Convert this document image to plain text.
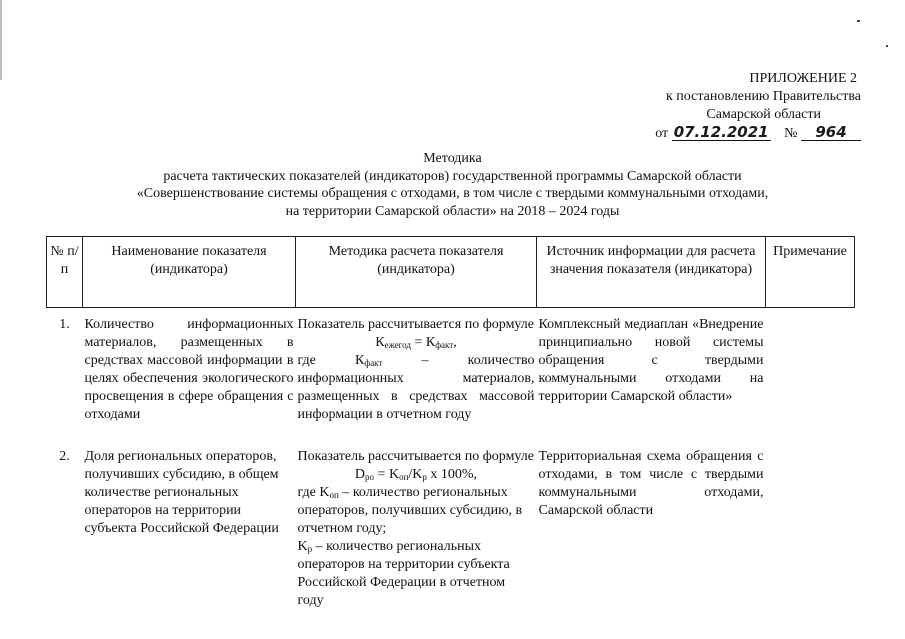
ПРИЛОЖЕНИЕ 2
к постановлению Правительства
Самарской области
от 07.12.2021 № 964
Методика
расчета тактических показателей (индикаторов) государственной программы Самарской области
«Совершенствование системы обращения с отходами, в том числе с твердыми коммунальными отходами,
на территории Самарской области» на 2018 – 2024 годы
№ п/п	Наименование показателя (индикатора)	Методика расчета показателя (индикатора)	Источник информации для расчета значения показателя (индикатора)	Примечание
1.	Количество информационных материалов, размещенных в средствах массовой информации в целях обеспечения экологического просвещения в сфере обращения с отходами	Показатель рассчитывается по формуле
$К_{ежегод} = К_{факт}$,
где $К_{факт}$ – количество информационных материалов, размещенных в средствах массовой информации в отчетном году	Комплексный медиаплан «Внедрение принципиально новой системы обращения с твердыми коммунальными отходами на территории Самарской области»	
2.	Доля региональных операторов, получивших субсидию, в общем количестве региональных операторов на территории субъекта Российской Федерации	Показатель рассчитывается по формуле
$D_{ро} = K_{оп}/K_р$ х 100%,
где $K_{оп}$ – количество региональных операторов, получивших субсидию, в отчетном году;
$K_р$ – количество региональных операторов на территории субъекта Российской Федерации в отчетном году	Территориальная схема обращения с отходами, в том числе с твердыми коммунальными отходами, Самарской области	
